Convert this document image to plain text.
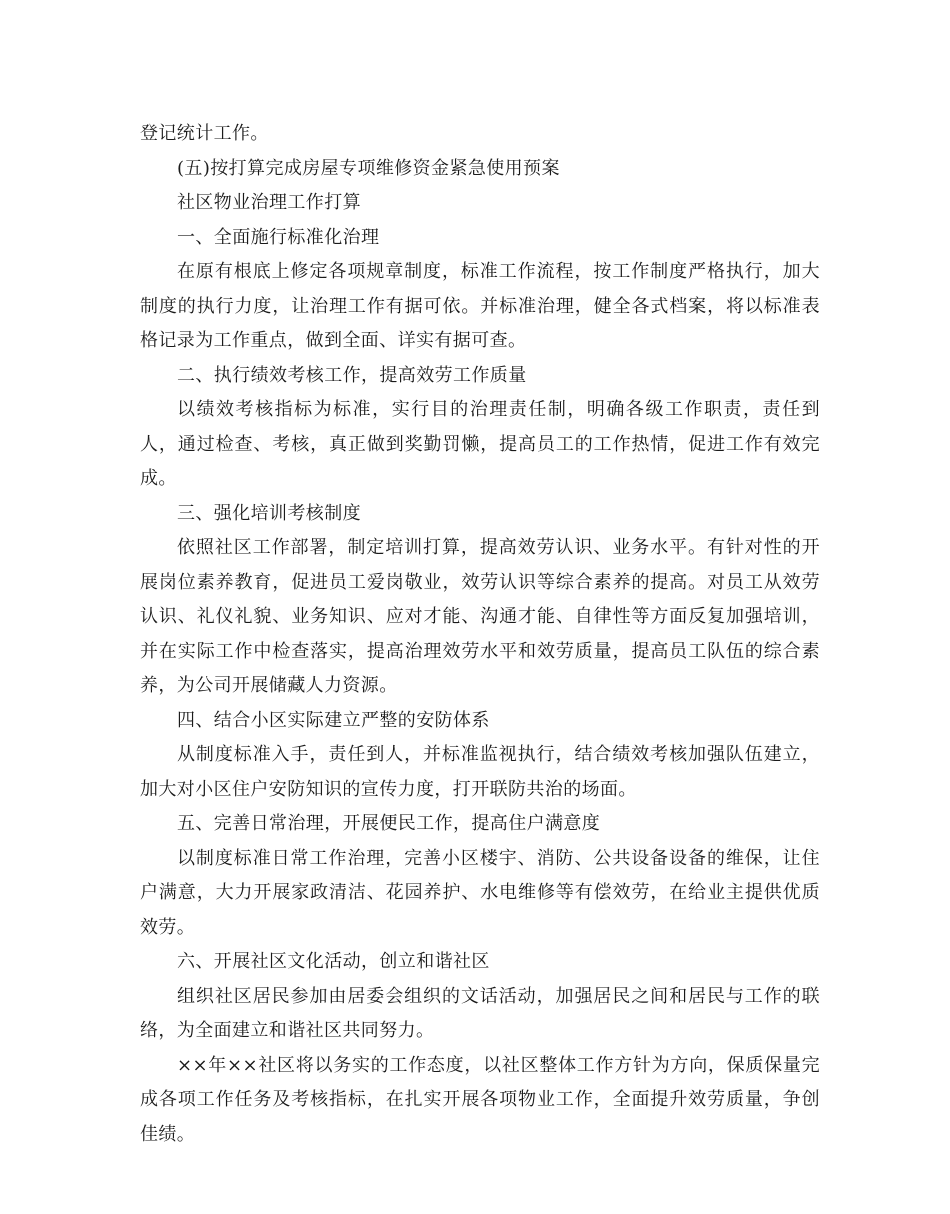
登记统计工作。

(五)按打算完成房屋专项维修资金紧急使用预案

社区物业治理工作打算

一、全面施行标准化治理

在原有根底上修定各项规章制度，标准工作流程，按工作制度严格执行，加大制度的执行力度，让治理工作有据可依。并标准治理，健全各式档案，将以标准表格记录为工作重点，做到全面、详实有据可查。

二、执行绩效考核工作，提高效劳工作质量

以绩效考核指标为标准，实行目的治理责任制，明确各级工作职责，责任到人，通过检查、考核，真正做到奖勤罚懒，提高员工的工作热情，促进工作有效完成。

三、强化培训考核制度

依照社区工作部署，制定培训打算，提高效劳认识、业务水平。有针对性的开展岗位素养教育，促进员工爱岗敬业，效劳认识等综合素养的提高。对员工从效劳认识、礼仪礼貌、业务知识、应对才能、沟通才能、自律性等方面反复加强培训，并在实际工作中检查落实，提高治理效劳水平和效劳质量，提高员工队伍的综合素养，为公司开展储藏人力资源。

四、结合小区实际建立严整的安防体系

从制度标准入手，责任到人，并标准监视执行，结合绩效考核加强队伍建立，加大对小区住户安防知识的宣传力度，打开联防共治的场面。

五、完善日常治理，开展便民工作，提高住户满意度

以制度标准日常工作治理，完善小区楼宇、消防、公共设备设备的维保，让住户满意，大力开展家政清洁、花园养护、水电维修等有偿效劳，在给业主提供优质效劳。

六、开展社区文化活动，创立和谐社区

组织社区居民参加由居委会组织的文话活动，加强居民之间和居民与工作的联络，为全面建立和谐社区共同努力。

××年××社区将以务实的工作态度，以社区整体工作方针为方向，保质保量完成各项工作任务及考核指标，在扎实开展各项物业工作，全面提升效劳质量，争创佳绩。
